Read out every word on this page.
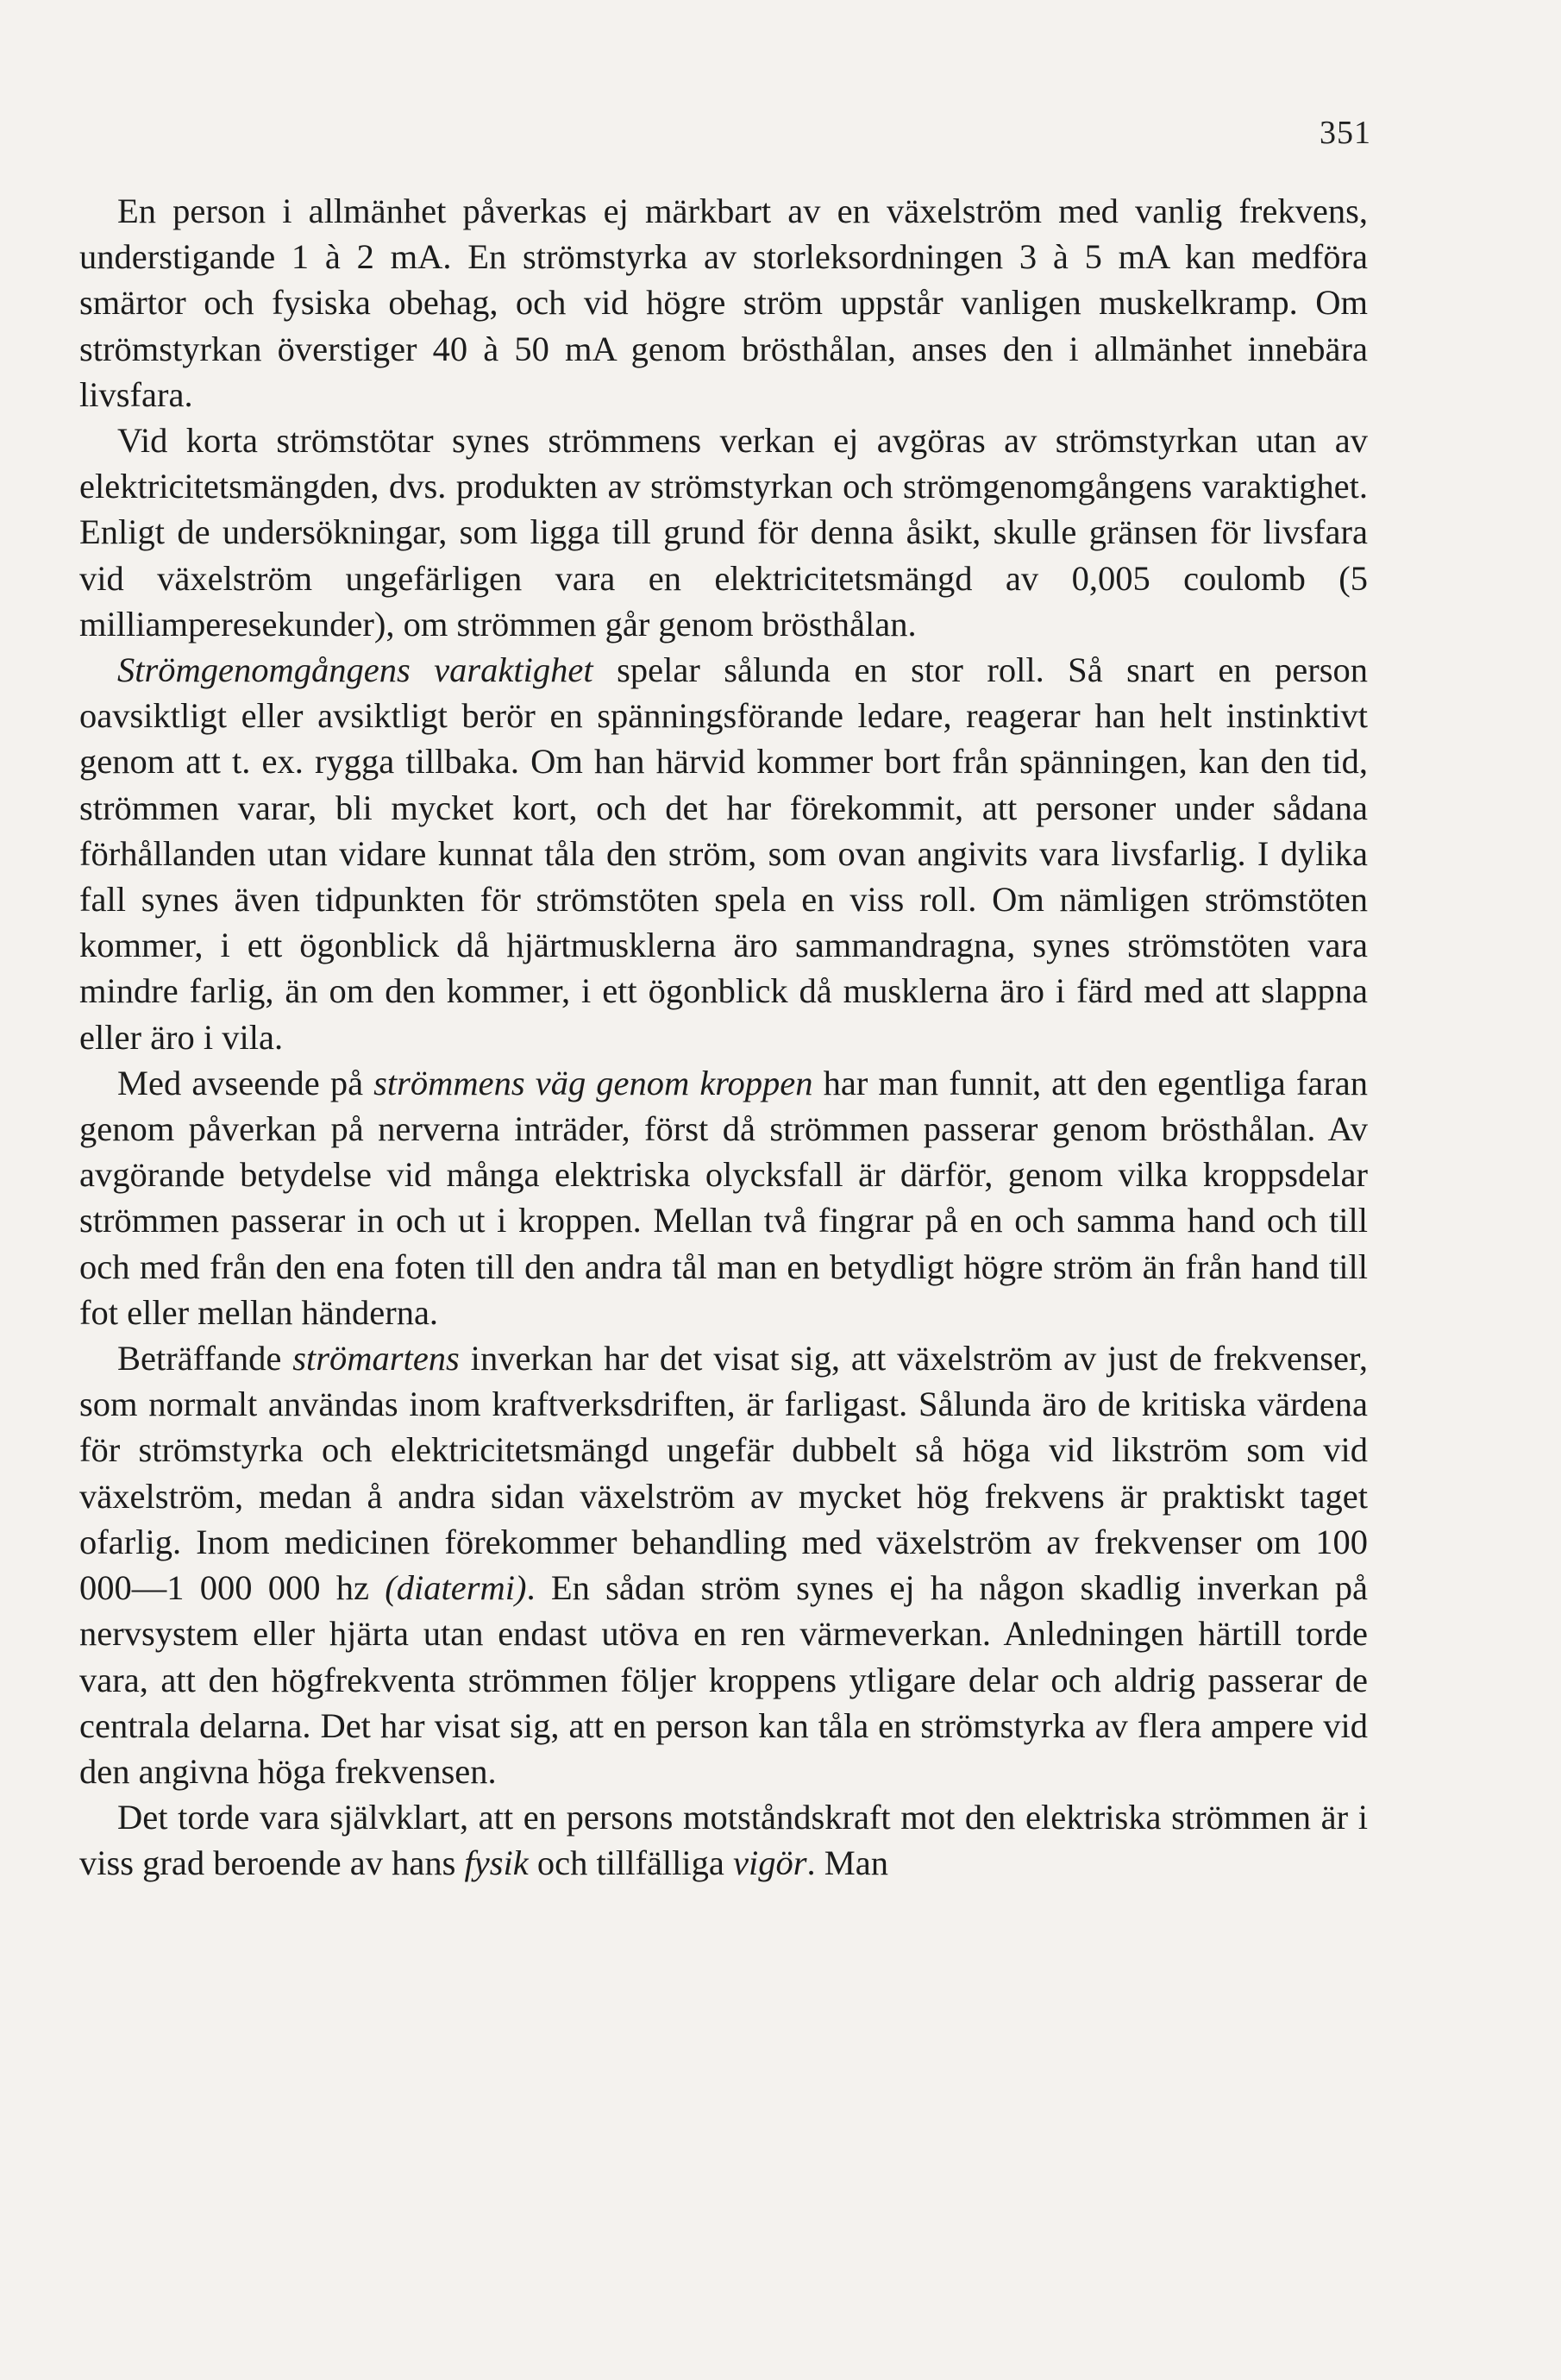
351

En person i allmänhet påverkas ej märkbart av en växelström med vanlig frekvens, understigande 1 à 2 mA. En strömstyrka av storleksordningen 3 à 5 mA kan medföra smärtor och fysiska obehag, och vid högre ström uppstår vanligen muskelkramp. Om strömstyrkan överstiger 40 à 50 mA genom brösthålan, anses den i allmänhet innebära livsfara.

Vid korta strömstötar synes strömmens verkan ej avgöras av strömstyrkan utan av elektricitetsmängden, dvs. produkten av strömstyrkan och strömgenomgångens varaktighet. Enligt de undersökningar, som ligga till grund för denna åsikt, skulle gränsen för livsfara vid växelström ungefärligen vara en elektricitetsmängd av 0,005 coulomb (5 milliamperesekunder), om strömmen går genom brösthålan.

Strömgenomgångens varaktighet spelar sålunda en stor roll. Så snart en person oavsiktligt eller avsiktligt berör en spänningsförande ledare, reagerar han helt instinktivt genom att t. ex. rygga tillbaka. Om han härvid kommer bort från spänningen, kan den tid, strömmen varar, bli mycket kort, och det har förekommit, att personer under sådana förhållanden utan vidare kunnat tåla den ström, som ovan angivits vara livsfarlig. I dylika fall synes även tidpunkten för strömstöten spela en viss roll. Om nämligen strömstöten kommer, i ett ögonblick då hjärtmusklerna äro sammandragna, synes strömstöten vara mindre farlig, än om den kommer, i ett ögonblick då musklerna äro i färd med att slappna eller äro i vila.

Med avseende på strömmens väg genom kroppen har man funnit, att den egentliga faran genom påverkan på nerverna inträder, först då strömmen passerar genom brösthålan. Av avgörande betydelse vid många elektriska olycksfall är därför, genom vilka kroppsdelar strömmen passerar in och ut i kroppen. Mellan två fingrar på en och samma hand och till och med från den ena foten till den andra tål man en betydligt högre ström än från hand till fot eller mellan händerna.

Beträffande strömartens inverkan har det visat sig, att växelström av just de frekvenser, som normalt användas inom kraftverksdriften, är farligast. Sålunda äro de kritiska värdena för strömstyrka och elektricitetsmängd ungefär dubbelt så höga vid likström som vid växelström, medan å andra sidan växelström av mycket hög frekvens är praktiskt taget ofarlig. Inom medicinen förekommer behandling med växelström av frekvenser om 100 000—1 000 000 hz (diatermi). En sådan ström synes ej ha någon skadlig inverkan på nervsystem eller hjärta utan endast utöva en ren värmeverkan. Anledningen härtill torde vara, att den högfrekventa strömmen följer kroppens ytligare delar och aldrig passerar de centrala delarna. Det har visat sig, att en person kan tåla en strömstyrka av flera ampere vid den angivna höga frekvensen.

Det torde vara självklart, att en persons motståndskraft mot den elektriska strömmen är i viss grad beroende av hans fysik och tillfälliga vigör. Man
